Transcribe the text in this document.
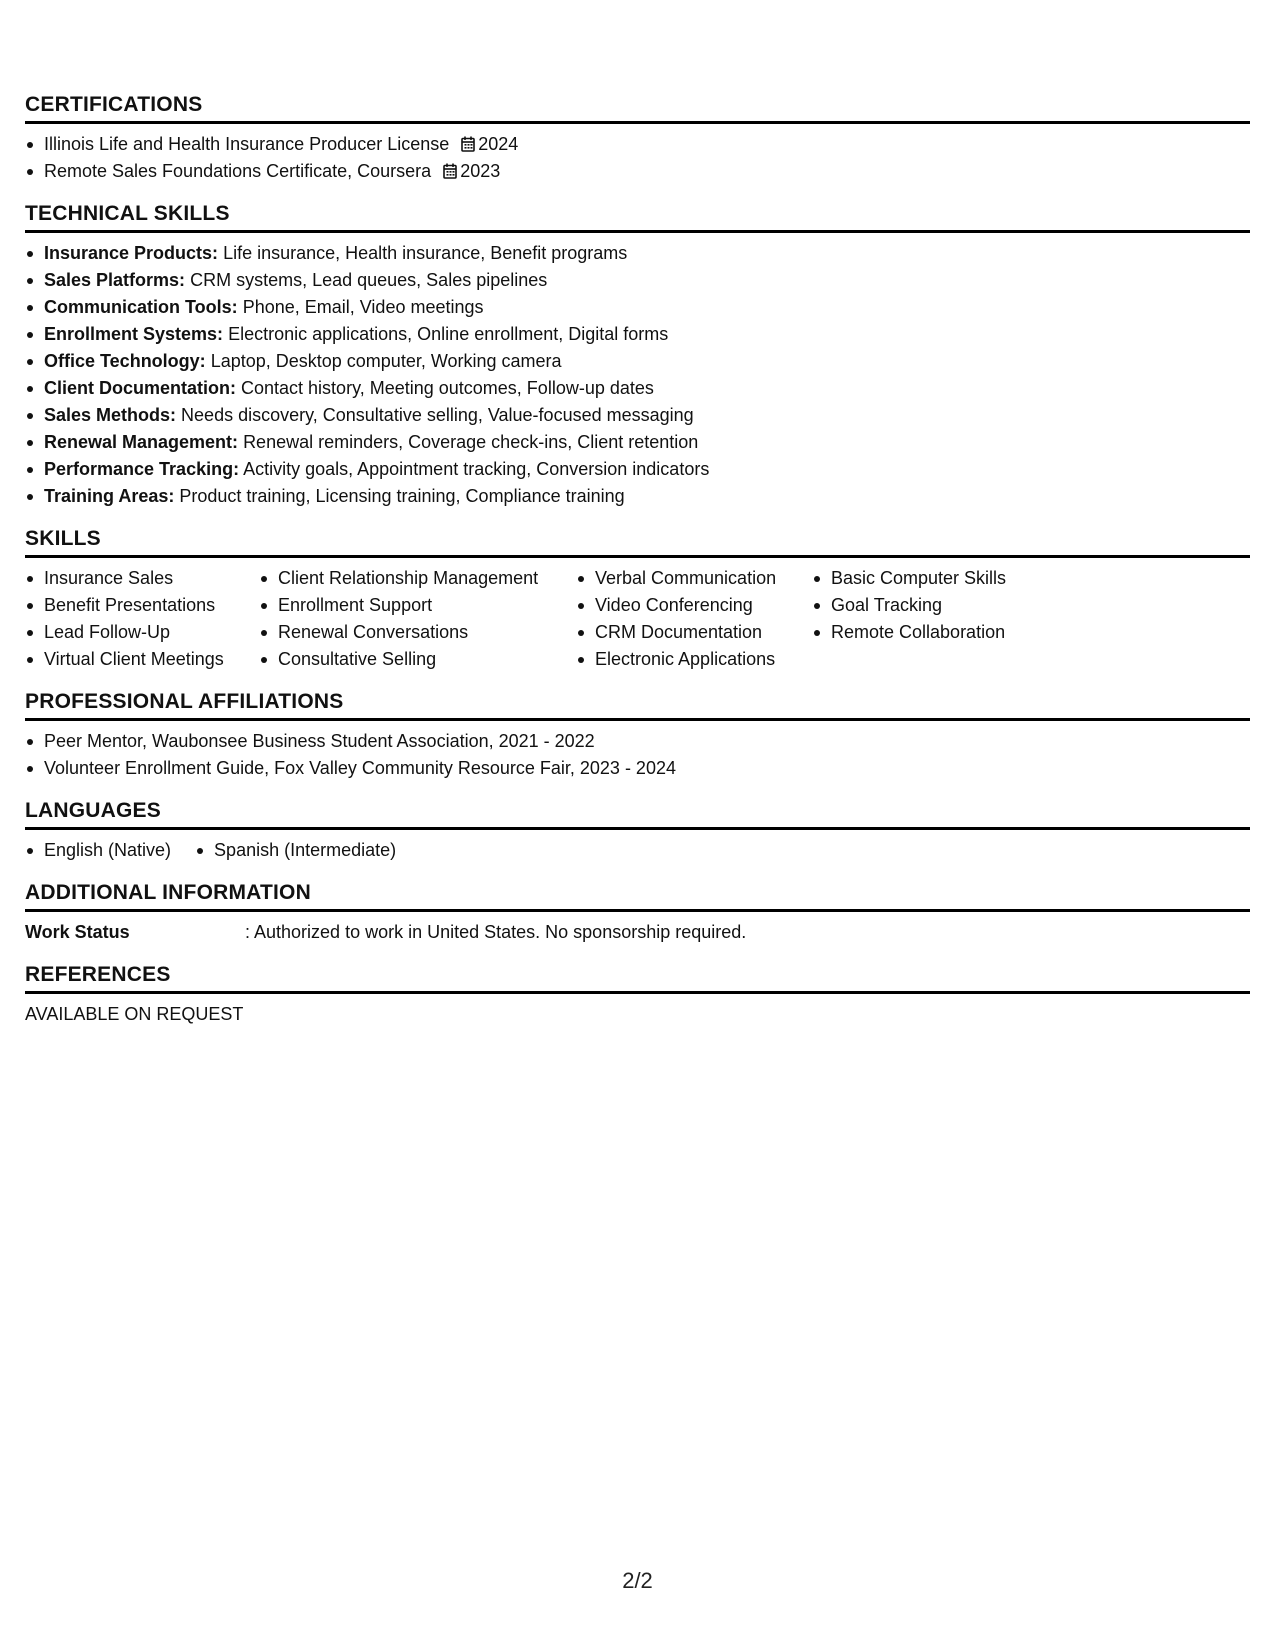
CERTIFICATIONS
Illinois Life and Health Insurance Producer License 2024
Remote Sales Foundations Certificate, Coursera 2023
TECHNICAL SKILLS
Insurance Products: Life insurance, Health insurance, Benefit programs
Sales Platforms: CRM systems, Lead queues, Sales pipelines
Communication Tools: Phone, Email, Video meetings
Enrollment Systems: Electronic applications, Online enrollment, Digital forms
Office Technology: Laptop, Desktop computer, Working camera
Client Documentation: Contact history, Meeting outcomes, Follow-up dates
Sales Methods: Needs discovery, Consultative selling, Value-focused messaging
Renewal Management: Renewal reminders, Coverage check-ins, Client retention
Performance Tracking: Activity goals, Appointment tracking, Conversion indicators
Training Areas: Product training, Licensing training, Compliance training
SKILLS
Insurance Sales
Benefit Presentations
Lead Follow-Up
Virtual Client Meetings
Client Relationship Management
Enrollment Support
Renewal Conversations
Consultative Selling
Verbal Communication
Video Conferencing
CRM Documentation
Electronic Applications
Basic Computer Skills
Goal Tracking
Remote Collaboration
PROFESSIONAL AFFILIATIONS
Peer Mentor, Waubonsee Business Student Association, 2021 - 2022
Volunteer Enrollment Guide, Fox Valley Community Resource Fair, 2023 - 2024
LANGUAGES
English (Native)	Spanish (Intermediate)
ADDITIONAL INFORMATION
Work Status	: Authorized to work in United States. No sponsorship required.
REFERENCES
AVAILABLE ON REQUEST
2/2
